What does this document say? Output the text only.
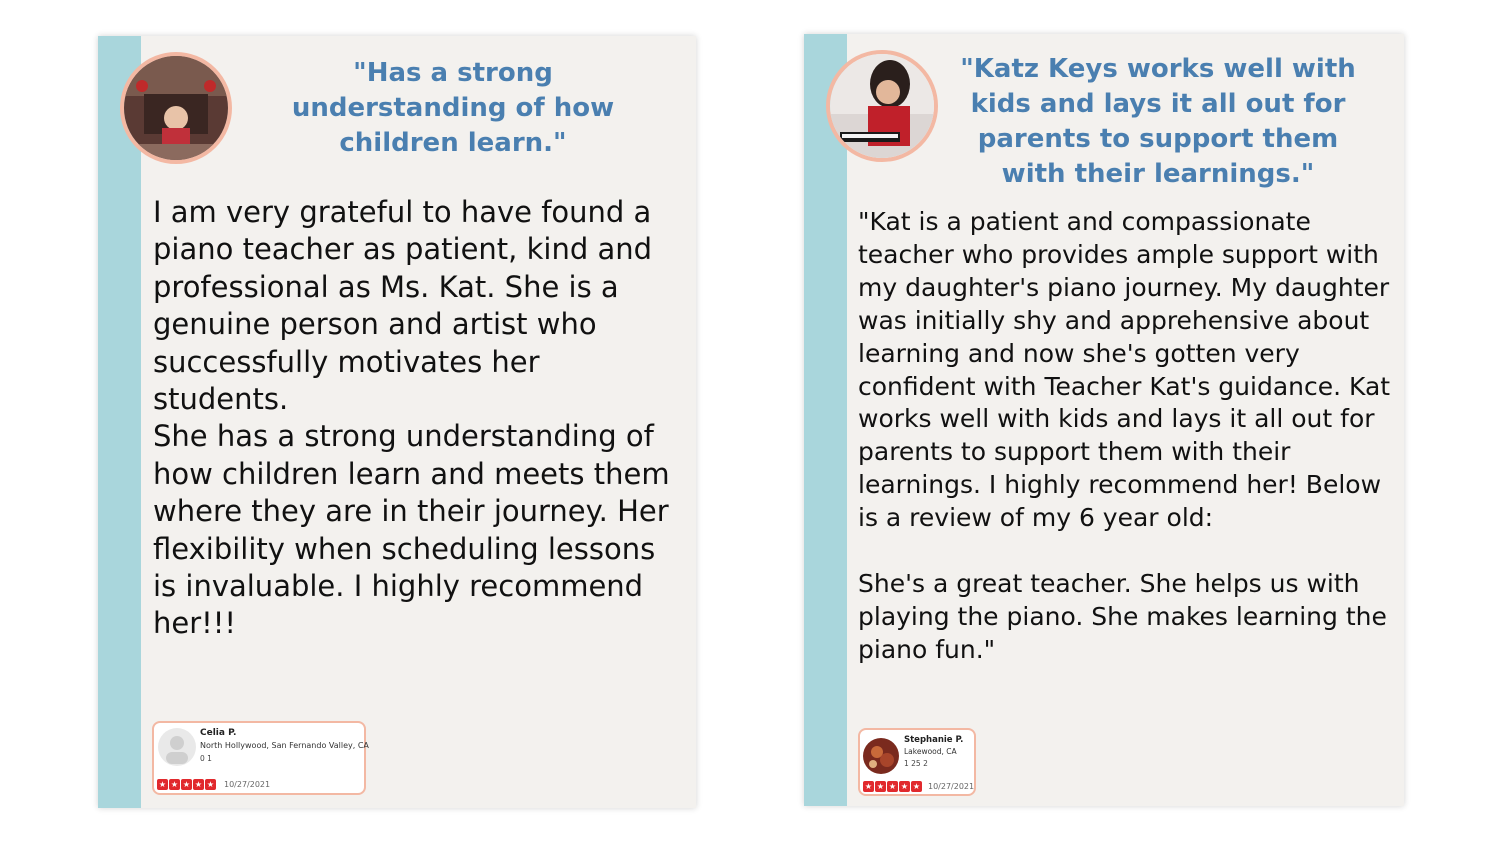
"Has a strong understanding of how children learn."
I am very grateful to have found a piano teacher as patient, kind and professional as Ms. Kat. She is a genuine person and artist who successfully motivates her students.
She has a strong understanding of how children learn and meets them where they are in their journey. Her flexibility when scheduling lessons is invaluable. I highly recommend her!!!
Celia P.
North Hollywood, San Fernando Valley, CA
0 1
★ ★ ★ ★ ★ 10/27/2021
"Katz Keys works well with kids and lays it all out for parents to support them with their learnings."
"Kat is a patient and compassionate teacher who provides ample support with my daughter's piano journey. My daughter was initially shy and apprehensive about learning and now she's gotten very confident with Teacher Kat's guidance. Kat works well with kids and lays it all out for parents to support them with their learnings. I highly recommend her! Below is a review of my 6 year old:

She's a great teacher. She helps us with playing the piano. She makes learning the piano fun."
Stephanie P.
Lakewood, CA
1 25 2
★ ★ ★ ★ ★ 10/27/2021
